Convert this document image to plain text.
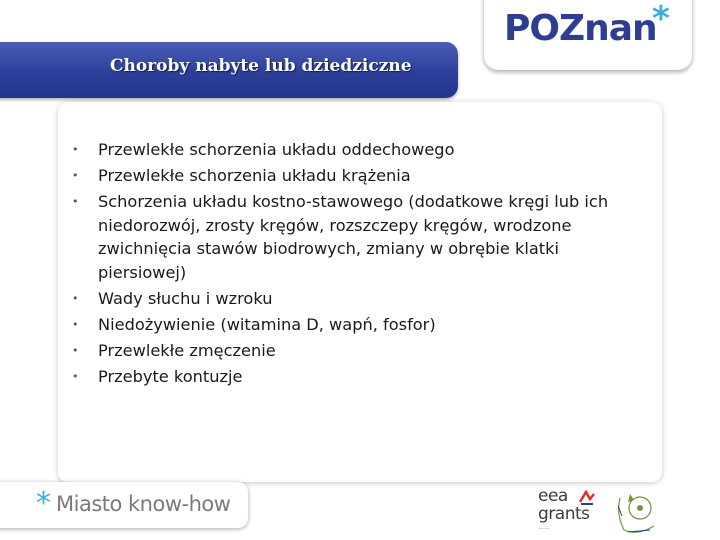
POZnan
*
Choroby nabyte lub dziedziczne
• Przewlekłe schorzenia układu oddechowego
• Przewlekłe schorzenia układu krążenia
• Schorzenia układu kostno-stawowego (dodatkowe kręgi lub ich niedorozwój, zrosty kręgów, rozszczepy kręgów, wrodzone zwichnięcia stawów biodrowych, zmiany w obrębie klatki piersiowej)
• Wady słuchu i wzroku
• Niedożywienie (witamina D, wapń, fosfor)
• Przewlekłe zmęczenie
• Przebyte kontuzje
* Miasto know-how	eea
grants
———
